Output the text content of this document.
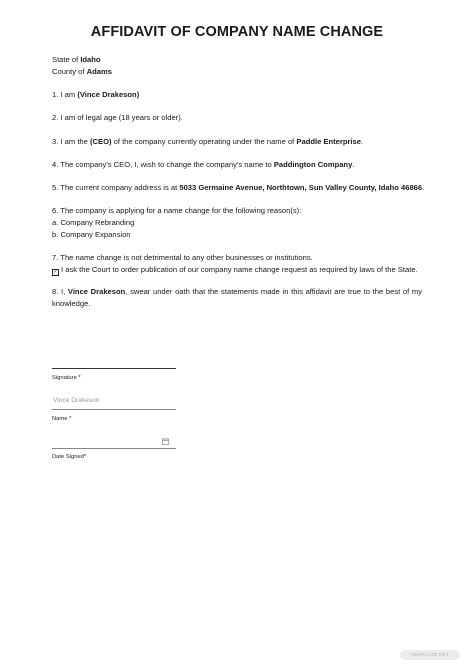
AFFIDAVIT OF COMPANY NAME CHANGE
State of Idaho
County of Adams
1. I am (Vince Drakeson)
2. I am of legal age (18 years or older).
3. I am the (CEO) of the company currently operating under the name of Paddle Enterprise.
4. The company's CEO, I, wish to change the company's name to Paddington Company.
5. The current company address is at 5033 Germaine Avenue, Northtown, Sun Valley County, Idaho 46866.
6. The company is applying for a name change for the following reason(s):
a. Company Rebranding
b. Company Expansion
7. The name change is not detrimental to any other businesses or institutions.
✓ I ask the Court to order publication of our company name change request as required by laws of the State.
8. I, Vince Drakeson, swear under oath that the statements made in this affidavit are true to the best of my knowledge.
Signature *
Vince Drakeson
Name *
Date Signed*
TEMPLATE.NET
